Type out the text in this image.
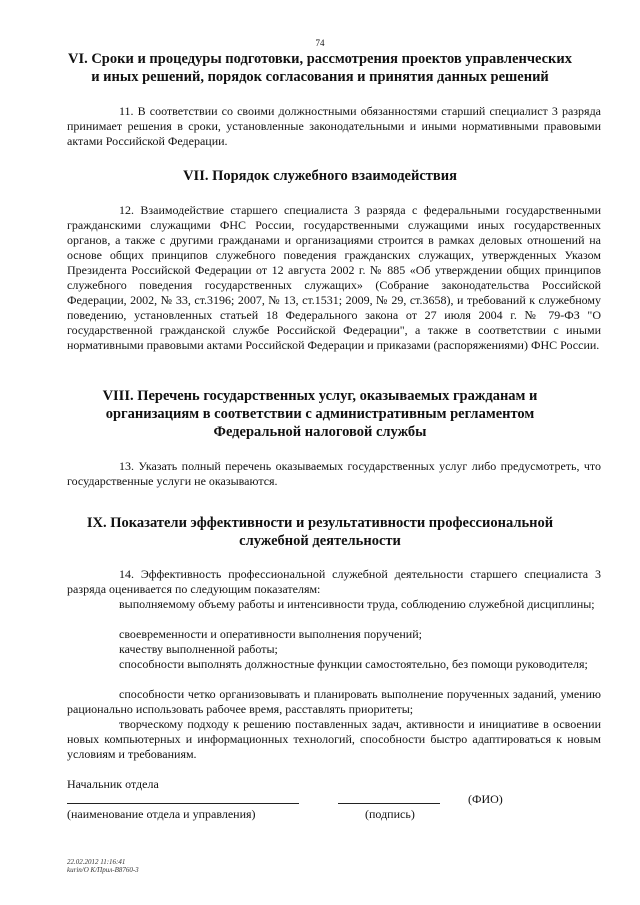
74
VI. Сроки и процедуры подготовки, рассмотрения проектов управленческих
и иных решений, порядок согласования и принятия данных решений
11. В соответствии со своими должностными обязанностями старший специалист 3 разряда принимает решения в сроки, установленные законодательными и иными нормативными правовыми актами Российской Федерации.
VII. Порядок служебного взаимодействия
12. Взаимодействие старшего специалиста 3 разряда с федеральными государственными гражданскими служащими ФНС России, государственными служащими иных государственных органов, а также с другими гражданами и организациями строится в рамках деловых отношений на основе общих принципов служебного поведения гражданских служащих, утвержденных Указом Президента Российской Федерации от 12 августа 2002 г. № 885 «Об утверждении общих принципов служебного поведения государственных служащих» (Собрание законодательства Российской Федерации, 2002, № 33, ст.3196; 2007, № 13, ст.1531; 2009, № 29, ст.3658), и требований к служебному поведению, установленных статьей 18 Федерального закона от 27 июля 2004 г. № 79-ФЗ "О государственной гражданской службе Российской Федерации", а также в соответствии с иными нормативными правовыми актами Российской Федерации и приказами (распоряжениями) ФНС России.
VIII. Перечень государственных услуг, оказываемых гражданам и
организациям в соответствии с административным регламентом
Федеральной налоговой службы
13. Указать полный перечень оказываемых государственных услуг либо предусмотреть, что государственные услуги не оказываются.
IX. Показатели эффективности и результативности профессиональной
служебной деятельности
14. Эффективность профессиональной служебной деятельности старшего специалиста 3 разряда оценивается по следующим показателям:
выполняемому объему работы и интенсивности труда, соблюдению служебной дисциплины;
своевременности и оперативности выполнения поручений;
качеству выполненной работы;
способности выполнять должностные функции самостоятельно, без помощи руководителя;
способности четко организовывать и планировать выполнение порученных заданий, умению рационально использовать рабочее время, расставлять приоритеты;
творческому подходу к решению поставленных задач, активности и инициативе в освоении новых компьютерных и информационных технологий, способности быстро адаптироваться к новым условиям и требованиям.
Начальник отдела
(ФИО)
(наименование отдела и управления)	(подпись)
22.02.2012 11:16:41
kurin/O K/Прил-B8760-3
